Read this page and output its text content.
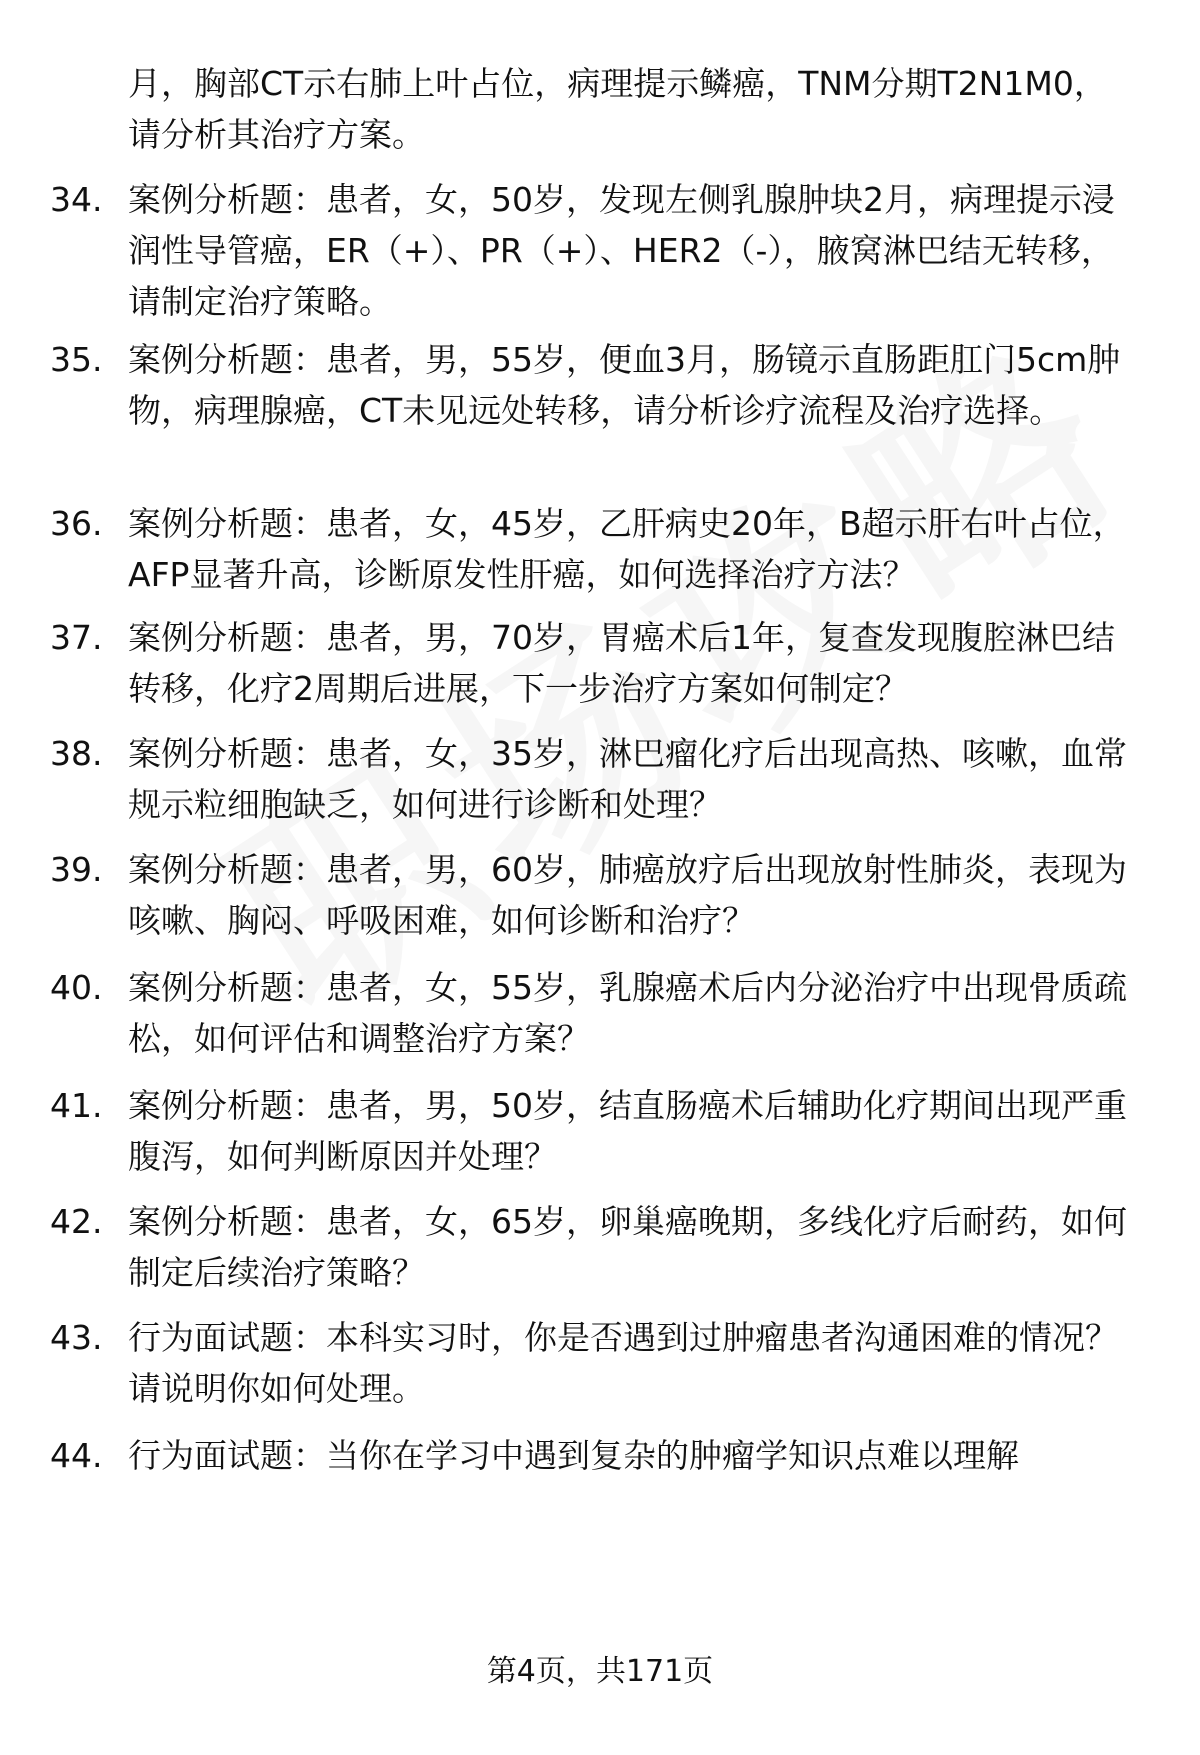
月，胸部CT示右肺上叶占位，病理提示鳞癌，TNM分期T2N1M0，请分析其治疗方案。
34. 案例分析题：患者，女，50岁，发现左侧乳腺肿块2月，病理提示浸润性导管癌，ER（+）、PR（+）、HER2（-），腋窝淋巴结无转移，请制定治疗策略。
35. 案例分析题：患者，男，55岁，便血3月，肠镜示直肠距肛门5cm肿物，病理腺癌，CT未见远处转移，请分析诊疗流程及治疗选择。
36. 案例分析题：患者，女，45岁，乙肝病史20年，B超示肝右叶占位，AFP显著升高，诊断原发性肝癌，如何选择治疗方法？
37. 案例分析题：患者，男，70岁，胃癌术后1年，复查发现腹腔淋巴结转移，化疗2周期后进展，下一步治疗方案如何制定？
38. 案例分析题：患者，女，35岁，淋巴瘤化疗后出现高热、咳嗽，血常规示粒细胞缺乏，如何进行诊断和处理？
39. 案例分析题：患者，男，60岁，肺癌放疗后出现放射性肺炎，表现为咳嗽、胸闷、呼吸困难，如何诊断和治疗？
40. 案例分析题：患者，女，55岁，乳腺癌术后内分泌治疗中出现骨质疏松，如何评估和调整治疗方案？
41. 案例分析题：患者，男，50岁，结直肠癌术后辅助化疗期间出现严重腹泻，如何判断原因并处理？
42. 案例分析题：患者，女，65岁，卵巢癌晚期，多线化疗后耐药，如何制定后续治疗策略？
43. 行为面试题：本科实习时，你是否遇到过肿瘤患者沟通困难的情况？请说明你如何处理。
44. 行为面试题：当你在学习中遇到复杂的肿瘤学知识点难以理解
第4页，共171页
